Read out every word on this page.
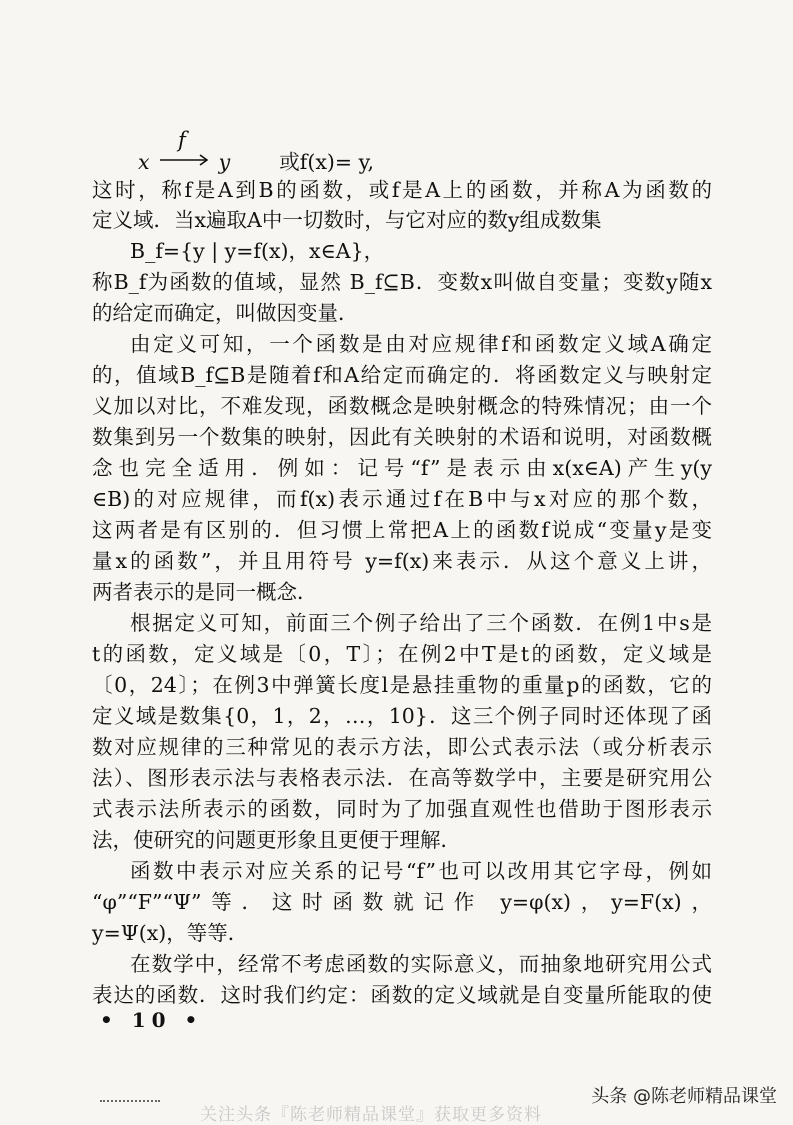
f
x	y 或f(x)= y,
这时，称f是A到B的函数，或f是A上的函数，并称A为函数的
定义域．当x遍取A中一切数时，与它对应的数y组成数集
B_f={y | y=f(x)，x∈A}，
称B_f为函数的值域，显然 B_f⊆B．变数x叫做自变量；变数y随x
的给定而确定，叫做因变量．
由定义可知，一个函数是由对应规律f和函数定义域A确定
的，值域B_f⊆B是随着f和A给定而确定的．将函数定义与映射定
义加以对比，不难发现，函数概念是映射概念的特殊情况；由一个
数集到另一个数集的映射，因此有关映射的术语和说明，对函数概
念也完全适用．例如：记号“f”是表示由x(x∈A)产生y(y
∈B)的对应规律，而f(x)表示通过f在B中与x对应的那个数，
这两者是有区别的．但习惯上常把A上的函数f说成“变量y是变
量x的函数”，并且用符号 y=f(x)来表示．从这个意义上讲，
两者表示的是同一概念．
根据定义可知，前面三个例子给出了三个函数．在例1中s是
t的函数，定义域是〔0，T〕；在例2中T是t的函数，定义域是
〔0，24〕；在例3中弹簧长度l是悬挂重物的重量p的函数，它的
定义域是数集{0，1，2，…，10}．这三个例子同时还体现了函
数对应规律的三种常见的表示方法，即公式表示法（或分析表示
法）、图形表示法与表格表示法．在高等数学中，主要是研究用公
式表示法所表示的函数，同时为了加强直观性也借助于图形表示
法，使研究的问题更形象且更便于理解．
函数中表示对应关系的记号“f”也可以改用其它字母，例如
“φ”“F”“Ψ”等．这时函数就记作 y=φ(x)，y=F(x)，
y=Ψ(x)，等等．
在数学中，经常不考虑函数的实际意义，而抽象地研究用公式
表达的函数．这时我们约定：函数的定义域就是自变量所能取的使
• 10 •
头条 @陈老师精品课堂
关注头条『陈老师精品课堂』获取更多资料
